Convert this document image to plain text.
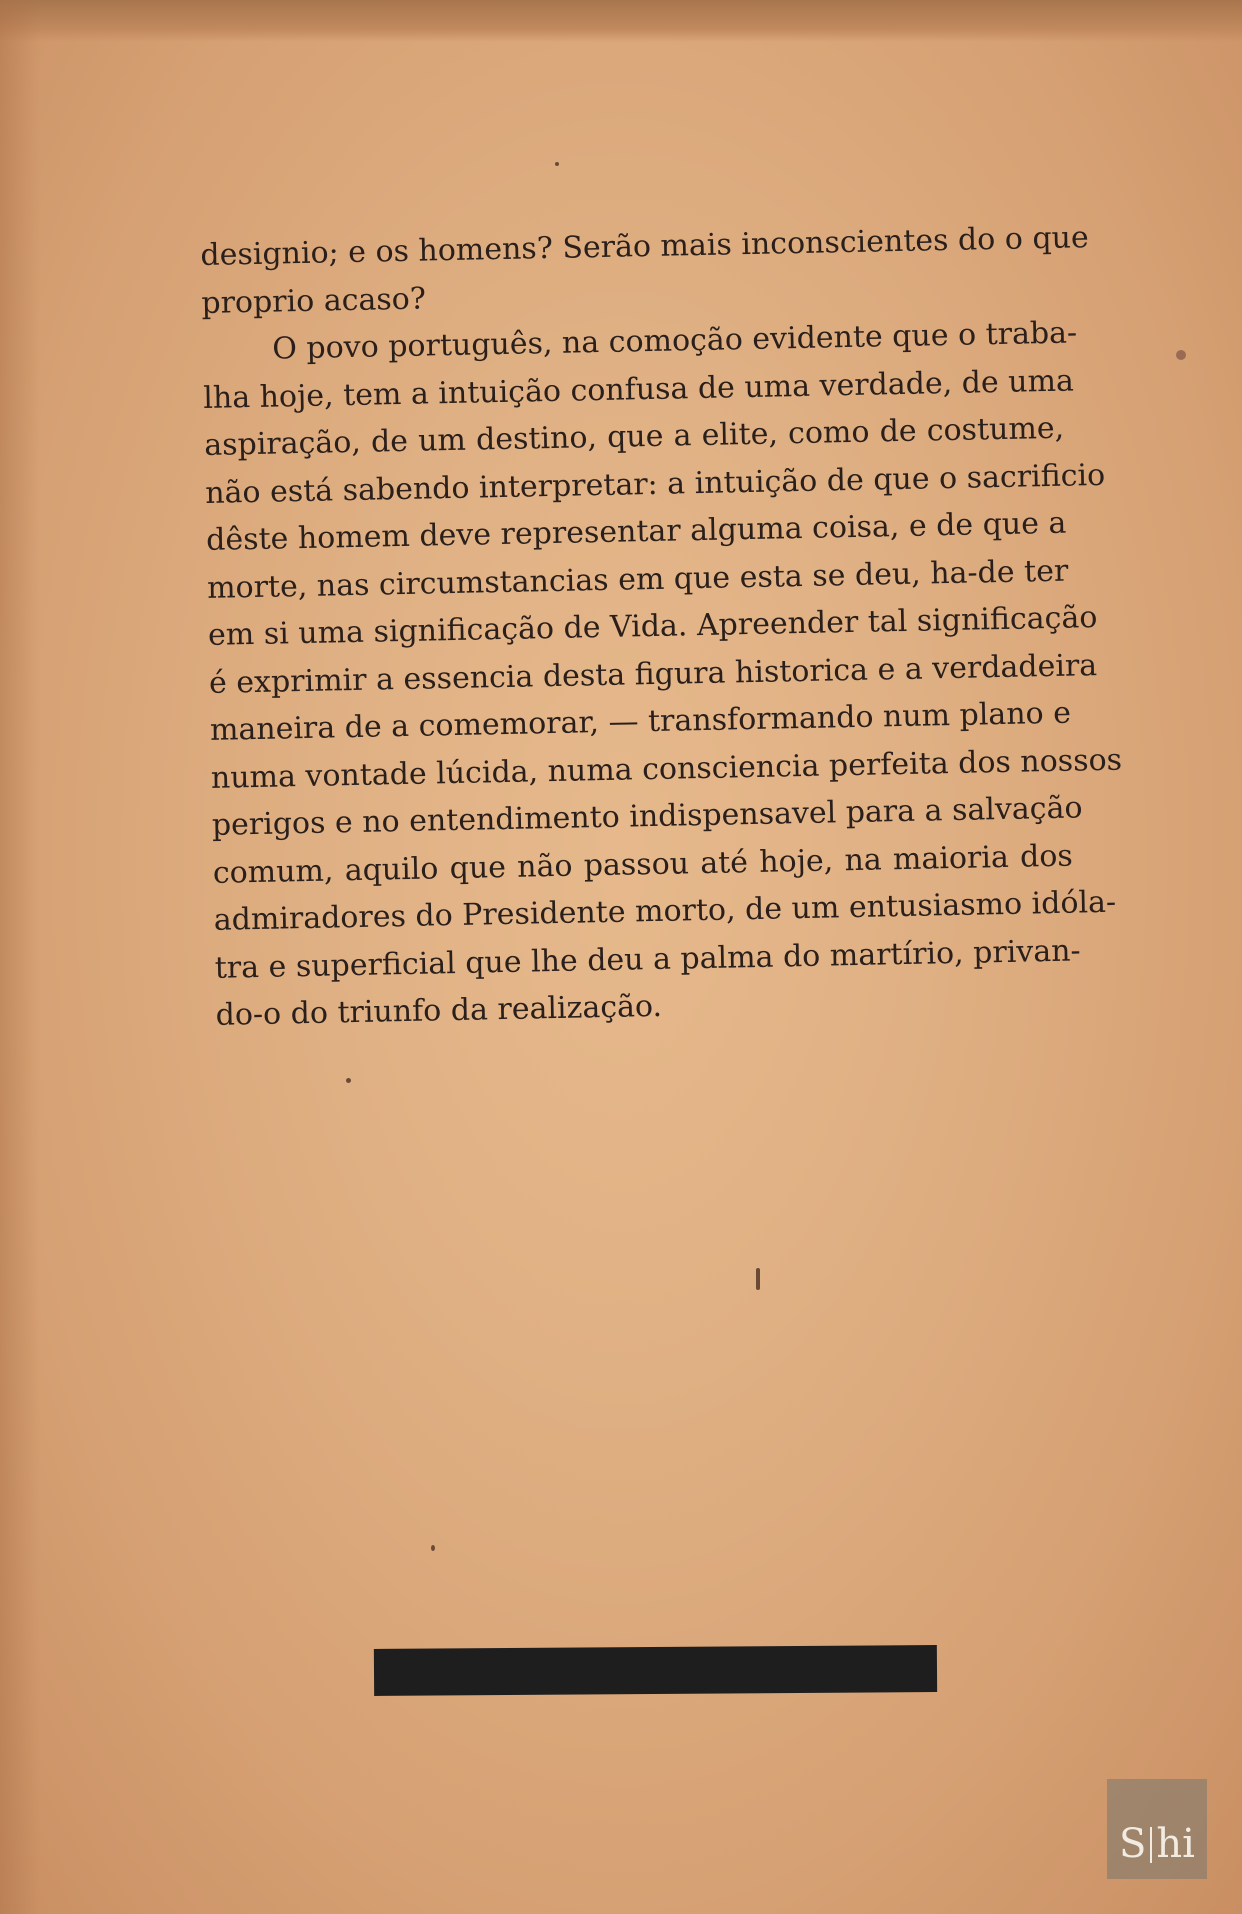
designio; e os homens? Serão mais inconscientes do o que
proprio acaso?
O povo português, na comoção evidente que o traba-
lha hoje, tem a intuição confusa de uma verdade, de uma
aspiração, de um destino, que a elite, como de costume,
não está sabendo interpretar: a intuição de que o sacrificio
dêste homem deve representar alguma coisa, e de que a
morte, nas circumstancias em que esta se deu, ha-de ter
em si uma significação de Vida. Apreender tal significação
é exprimir a essencia desta figura historica e a verdadeira
maneira de a comemorar, — transformando num plano e
numa vontade lúcida, numa consciencia perfeita dos nossos
perigos e no entendimento indispensavel para a salvação
comum, aquilo que não passou até hoje, na maioria dos
admiradores do Presidente morto, de um entusiasmo idóla-
tra e superficial que lhe deu a palma do martírio, privan-
do-o do triunfo da realização.
S hi
